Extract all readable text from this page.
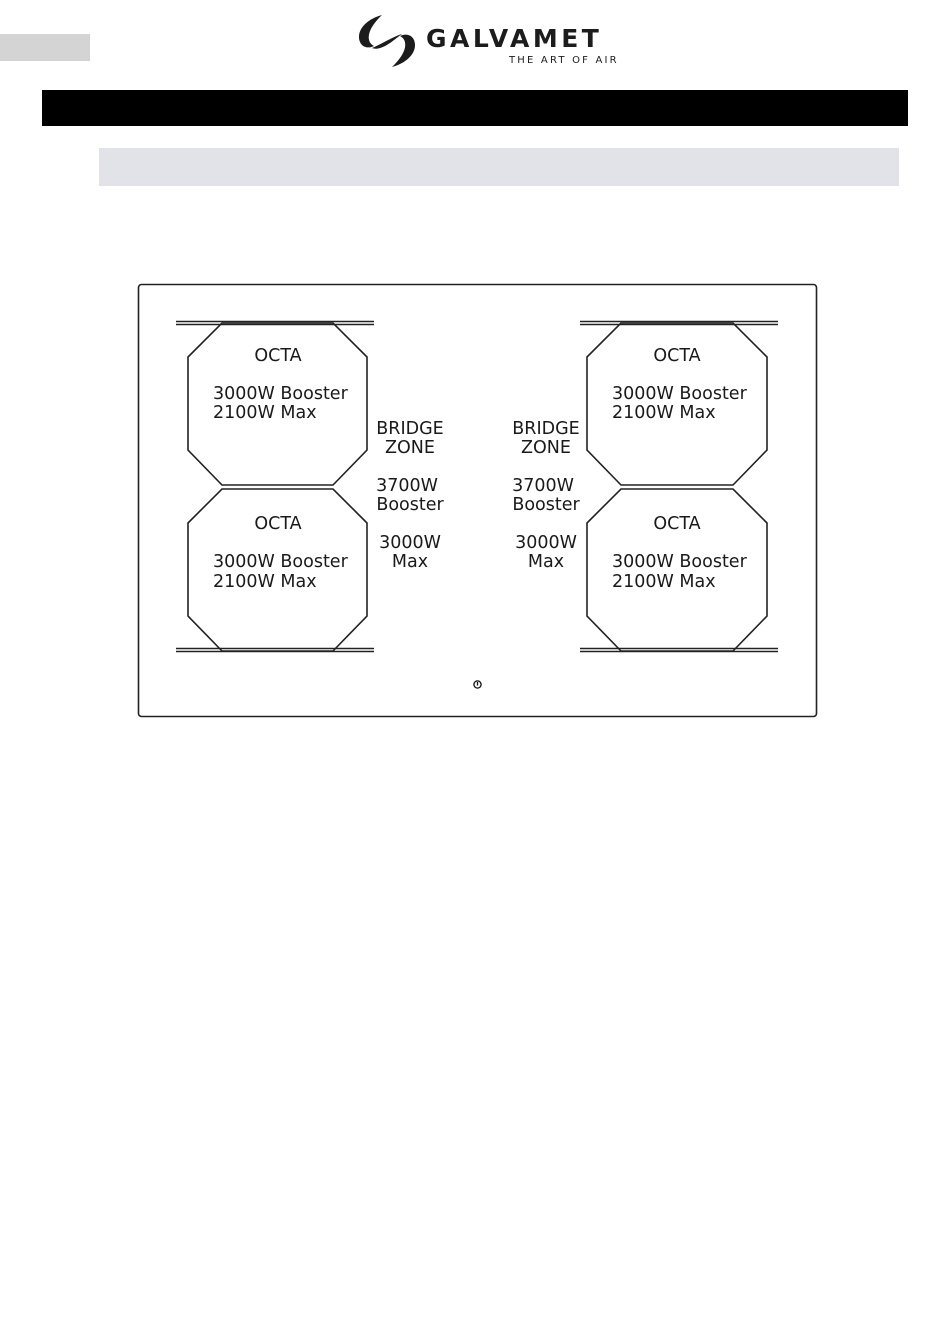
GALVAMET
THE ART OF AIR
OCTA
3000W Booster
2100W Max
OCTA
3000W Booster
2100W Max
OCTA
3000W Booster
2100W Max
OCTA
3000W Booster
2100W Max
BRIDGE
ZONE
3700W
Booster
3000W
Max
BRIDGE
ZONE
3700W
Booster
3000W
Max
